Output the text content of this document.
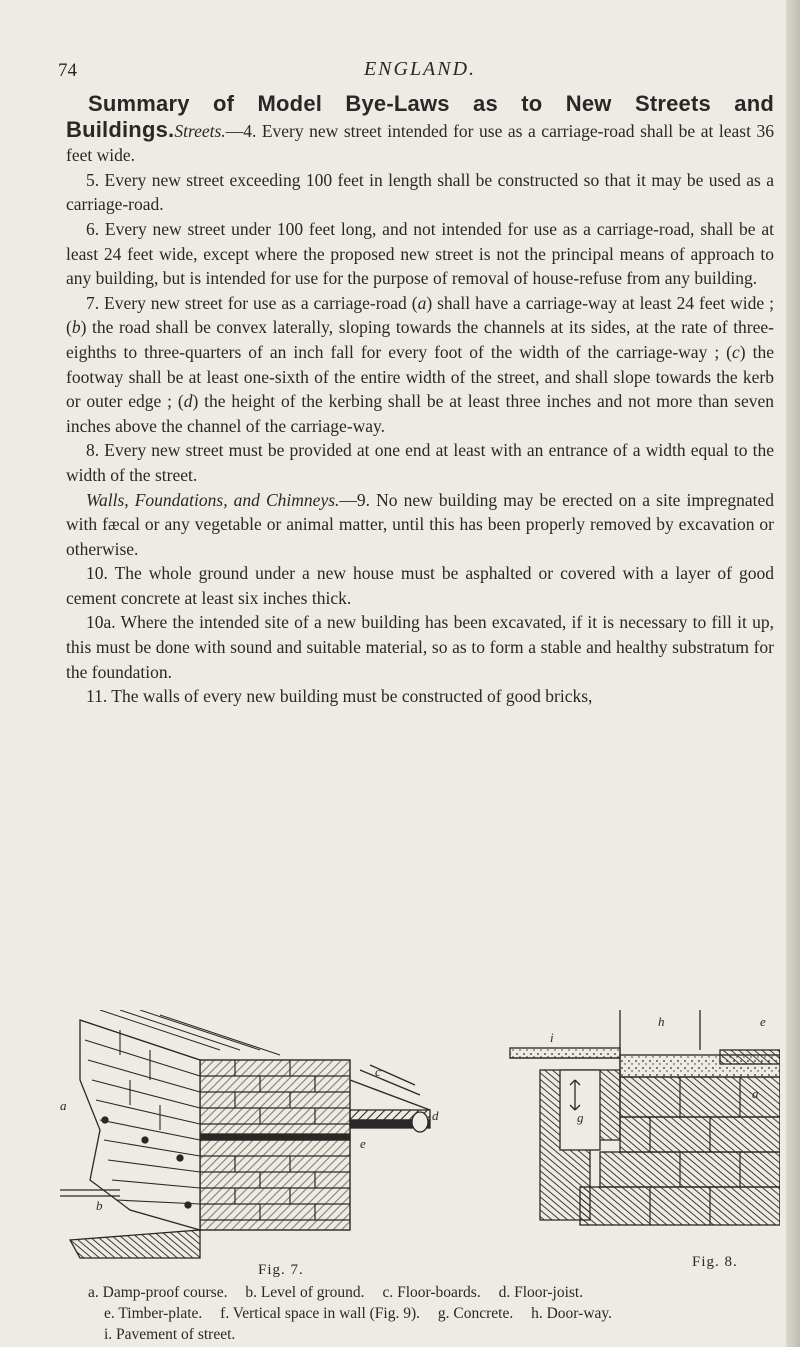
74	ENGLAND.

Summary of Model Bye-Laws as to New Streets and Buildings.Streets.—4. Every new street intended for use as a carriage-road shall be at least 36 feet wide.

5. Every new street exceeding 100 feet in length shall be constructed so that it may be used as a carriage-road.

6. Every new street under 100 feet long, and not intended for use as a carriage-road, shall be at least 24 feet wide, except where the proposed new street is not the principal means of approach to any building, but is intended for use for the purpose of removal of house-refuse from any building.

7. Every new street for use as a carriage-road (a) shall have a carriage-way at least 24 feet wide ; (b) the road shall be convex laterally, sloping towards the channels at its sides, at the rate of three-eighths to three-quarters of an inch fall for every foot of the width of the carriage-way ; (c) the footway shall be at least one-sixth of the entire width of the street, and shall slope towards the kerb or outer edge ; (d) the height of the kerbing shall be at least three inches and not more than seven inches above the channel of the carriage-way.

8. Every new street must be provided at one end at least with an entrance of a width equal to the width of the street.

Walls, Foundations, and Chimneys.—9. No new building may be erected on a site impregnated with fæcal or any vegetable or animal matter, until this has been properly removed by excavation or otherwise.

10. The whole ground under a new house must be asphalted or covered with a layer of good cement concrete at least six inches thick.

10a. Where the intended site of a new building has been excavated, if it is necessary to fill it up, this must be done with sound and suitable material, so as to form a stable and healthy substratum for the foundation.

11. The walls of every new building must be constructed of good bricks,

a
b
c
d
e
i
h	e
a
g
Fig. 7.	Fig. 8.
a. Damp-proof course. b. Level of ground. c. Floor-boards. d. Floor-joist.
e. Timber-plate. f. Vertical space in wall (Fig. 9). g. Concrete. h. Door-way.
i. Pavement of street.
